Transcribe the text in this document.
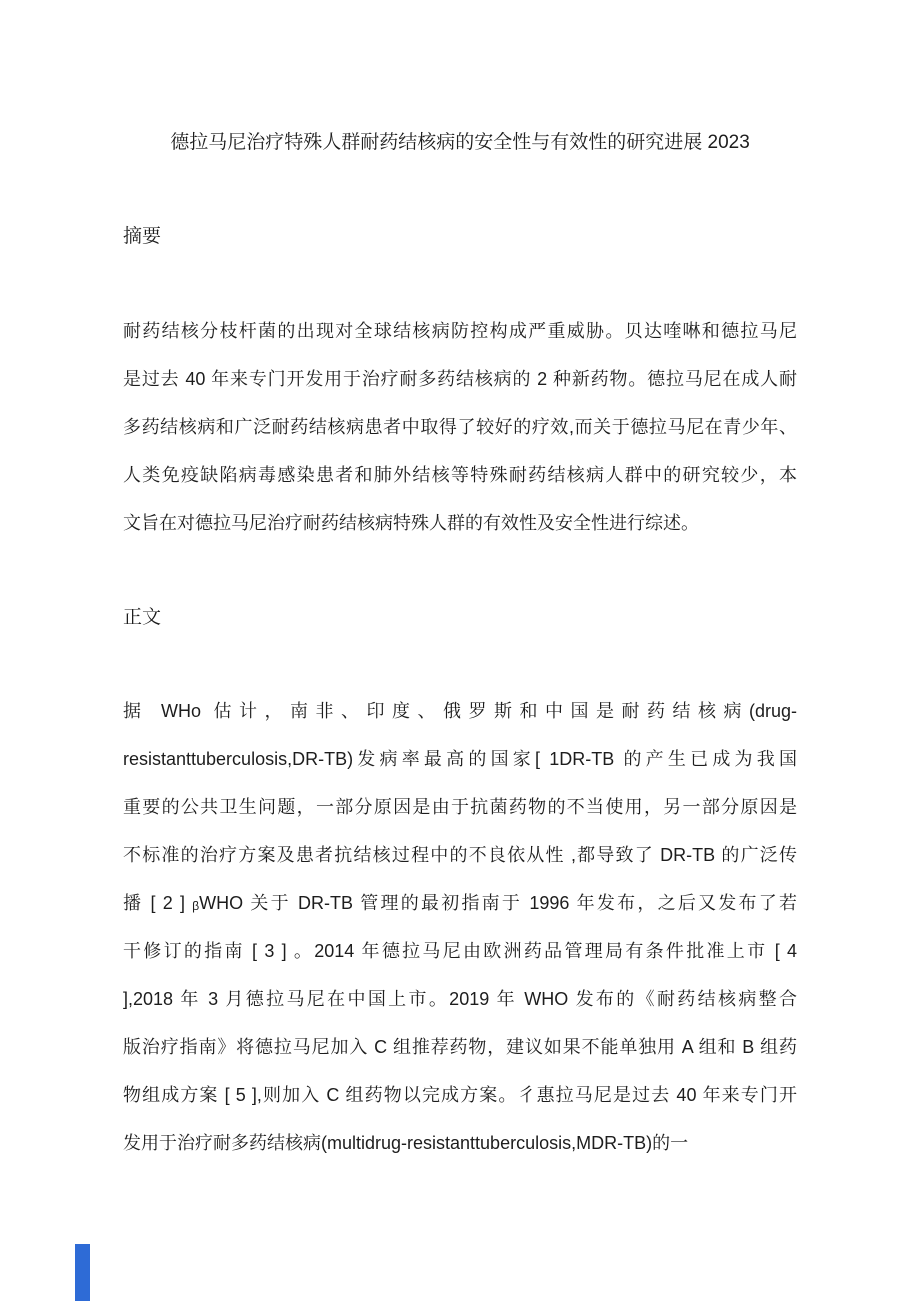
德拉马尼治疗特殊人群耐药结核病的安全性与有效性的研究进展 2023
摘要
耐药结核分枝杆菌的出现对全球结核病防控构成严重威胁。贝达喹啉和德拉马尼
是过去 40 年来专门开发用于治疗耐多药结核病的 2 种新药物。德拉马尼在成人耐
多药结核病和广泛耐药结核病患者中取得了较好的疗效,而关于德拉马尼在青少年、
人类免疫缺陷病毒感染患者和肺外结核等特殊耐药结核病人群中的研究较少，本
文旨在对德拉马尼治疗耐药结核病特殊人群的有效性及安全性进行综述。
正文
据 WHo 估计，南非、印度、俄罗斯和中国是耐药结核病(drug-
resistanttuberculosis,DR-TB)发病率最高的国家[ 1DR-TB 的产生已成为我国
重要的公共卫生问题，一部分原因是由于抗菌药物的不当使用，另一部分原因是
不标准的治疗方案及患者抗结核过程中的不良依从性 ,都导致了 DR-TB 的广泛传
播 [ 2 ] ᵦWHO 关于 DR-TB 管理的最初指南于 1996 年发布，之后又发布了若
干修订的指南 [ 3 ] 。2014 年德拉马尼由欧洲药品管理局有条件批准上市 [ 4
],2018 年 3 月德拉马尼在中国上市。2019 年 WHO 发布的《耐药结核病整合
版治疗指南》将德拉马尼加入 C 组推荐药物，建议如果不能单独用 A 组和 B 组药
物组成方案 [ 5 ],则加入 C 组药物以完成方案。彳惠拉马尼是过去 40 年来专门开
发用于治疗耐多药结核病(multidrug-resistanttuberculosis,MDR-TB)的一
